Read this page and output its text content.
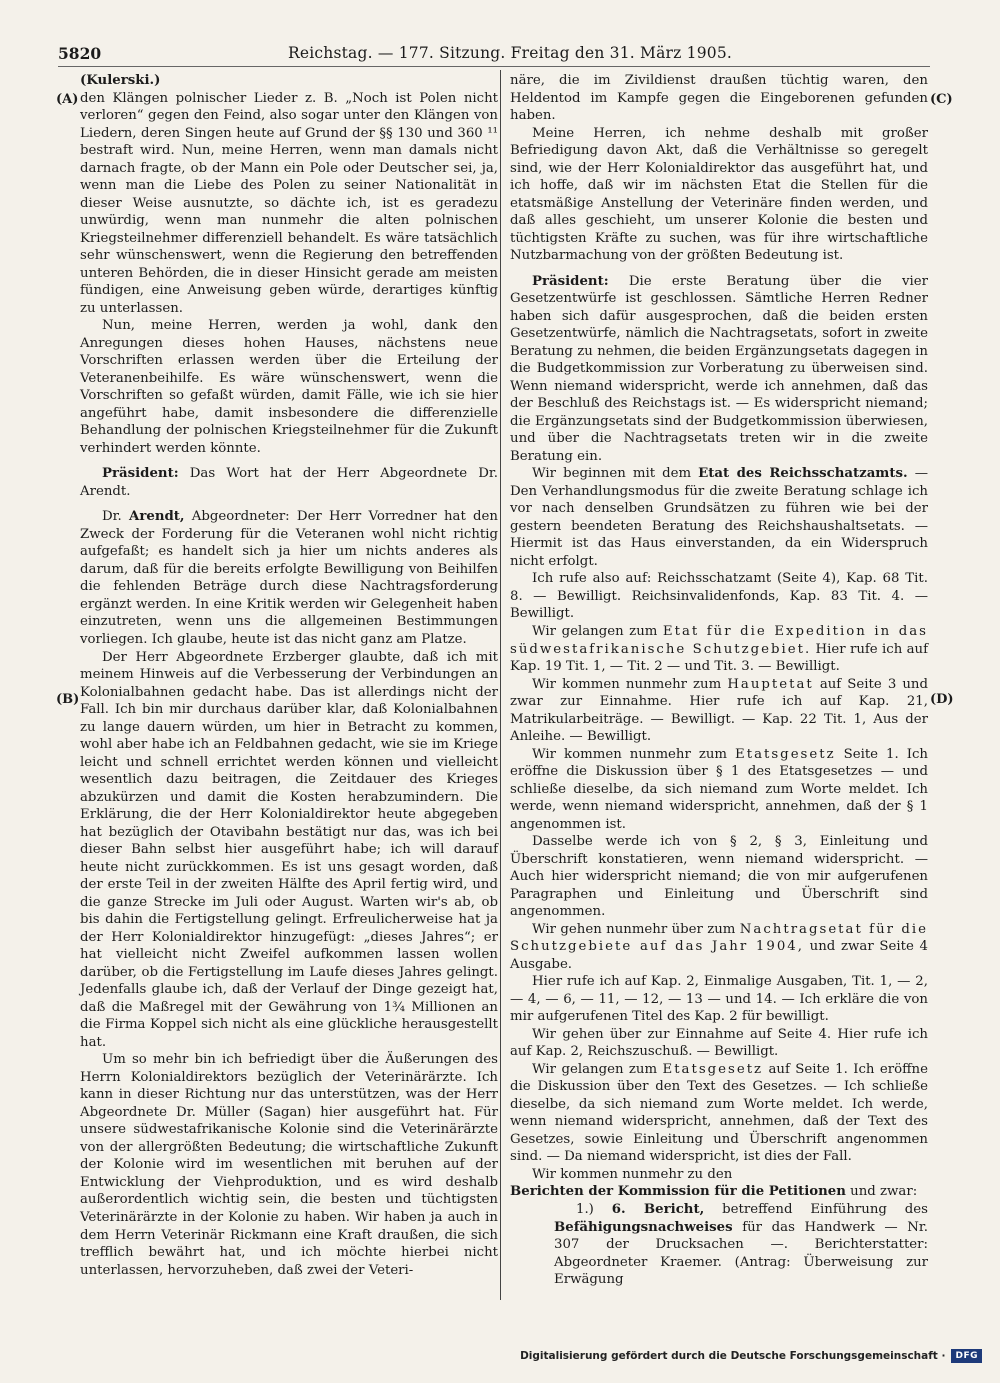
5820	Reichstag. — 177. Sitzung. Freitag den 31. März 1905.
(A)
(B)
(C)
(D)

(Kulerski.)

den Klängen polnischer Lieder z. B. „Noch ist Polen nicht verloren“ gegen den Feind, also sogar unter den Klängen von Liedern, deren Singen heute auf Grund der §§ 130 und 360 ¹¹ bestraft wird. Nun, meine Herren, wenn man damals nicht darnach fragte, ob der Mann ein Pole oder Deutscher sei, ja, wenn man die Liebe des Polen zu seiner Nationalität in dieser Weise ausnutzte, so dächte ich, ist es geradezu unwürdig, wenn man nunmehr die alten polnischen Kriegsteilnehmer differenziell behandelt. Es wäre tatsächlich sehr wünschenswert, wenn die Regierung den betreffenden unteren Behörden, die in dieser Hinsicht gerade am meisten fündigen, eine Anweisung geben würde, derartiges künftig zu unterlassen.

Nun, meine Herren, werden ja wohl, dank den Anregungen dieses hohen Hauses, nächstens neue Vorschriften erlassen werden über die Erteilung der Veteranenbeihilfe. Es wäre wünschenswert, wenn die Vorschriften so gefaßt würden, damit Fälle, wie ich sie hier angeführt habe, damit insbesondere die differenzielle Behandlung der polnischen Kriegsteilnehmer für die Zukunft verhindert werden könnte.

Präsident: Das Wort hat der Herr Abgeordnete Dr. Arendt.

Dr. Arendt, Abgeordneter: Der Herr Vorredner hat den Zweck der Forderung für die Veteranen wohl nicht richtig aufgefaßt; es handelt sich ja hier um nichts anderes als darum, daß für die bereits erfolgte Bewilligung von Beihilfen die fehlenden Beträge durch diese Nachtragsforderung ergänzt werden. In eine Kritik werden wir Gelegenheit haben einzutreten, wenn uns die allgemeinen Bestimmungen vorliegen. Ich glaube, heute ist das nicht ganz am Platze.

Der Herr Abgeordnete Erzberger glaubte, daß ich mit meinem Hinweis auf die Verbesserung der Verbindungen an Kolonialbahnen gedacht habe. Das ist allerdings nicht der Fall. Ich bin mir durchaus darüber klar, daß Kolonialbahnen zu lange dauern würden, um hier in Betracht zu kommen, wohl aber habe ich an Feldbahnen gedacht, wie sie im Kriege leicht und schnell errichtet werden können und vielleicht wesentlich dazu beitragen, die Zeitdauer des Krieges abzukürzen und damit die Kosten herabzumindern. Die Erklärung, die der Herr Kolonialdirektor heute abgegeben hat bezüglich der Otavibahn bestätigt nur das, was ich bei dieser Bahn selbst hier ausgeführt habe; ich will darauf heute nicht zurückkommen. Es ist uns gesagt worden, daß der erste Teil in der zweiten Hälfte des April fertig wird, und die ganze Strecke im Juli oder August. Warten wir's ab, ob bis dahin die Fertigstellung gelingt. Erfreulicherweise hat ja der Herr Kolonialdirektor hinzugefügt: „dieses Jahres“; er hat vielleicht nicht Zweifel aufkommen lassen wollen darüber, ob die Fertigstellung im Laufe dieses Jahres gelingt. Jedenfalls glaube ich, daß der Verlauf der Dinge gezeigt hat, daß die Maßregel mit der Gewährung von 1¾ Millionen an die Firma Koppel sich nicht als eine glückliche herausgestellt hat.

Um so mehr bin ich befriedigt über die Äußerungen des Herrn Kolonialdirektors bezüglich der Veterinärärzte. Ich kann in dieser Richtung nur das unterstützen, was der Herr Abgeordnete Dr. Müller (Sagan) hier ausgeführt hat. Für unsere südwestafrikanische Kolonie sind die Veterinärärzte von der allergrößten Bedeutung; die wirtschaftliche Zukunft der Kolonie wird im wesentlichen mit beruhen auf der Entwicklung der Viehproduktion, und es wird deshalb außerordentlich wichtig sein, die besten und tüchtigsten Veterinärärzte in der Kolonie zu haben. Wir haben ja auch in dem Herrn Veterinär Rickmann eine Kraft draußen, die sich trefflich bewährt hat, und ich möchte hierbei nicht unterlassen, hervorzuheben, daß zwei der Veteri-

näre, die im Zivildienst draußen tüchtig waren, den Heldentod im Kampfe gegen die Eingeborenen gefunden haben.

Meine Herren, ich nehme deshalb mit großer Befriedigung davon Akt, daß die Verhältnisse so geregelt sind, wie der Herr Kolonialdirektor das ausgeführt hat, und ich hoffe, daß wir im nächsten Etat die Stellen für die etatsmäßige Anstellung der Veterinäre finden werden, und daß alles geschieht, um unserer Kolonie die besten und tüchtigsten Kräfte zu suchen, was für ihre wirtschaftliche Nutzbarmachung von der größten Bedeutung ist.

Präsident: Die erste Beratung über die vier Gesetzentwürfe ist geschlossen. Sämtliche Herren Redner haben sich dafür ausgesprochen, daß die beiden ersten Gesetzentwürfe, nämlich die Nachtragsetats, sofort in zweite Beratung zu nehmen, die beiden Ergänzungsetats dagegen in die Budgetkommission zur Vorberatung zu überweisen sind. Wenn niemand widerspricht, werde ich annehmen, daß das der Beschluß des Reichstags ist. — Es widerspricht niemand; die Ergänzungsetats sind der Budgetkommission überwiesen, und über die Nachtragsetats treten wir in die zweite Beratung ein.

Wir beginnen mit dem Etat des Reichsschatzamts. — Den Verhandlungsmodus für die zweite Beratung schlage ich vor nach denselben Grundsätzen zu führen wie bei der gestern beendeten Beratung des Reichshaushaltsetats. — Hiermit ist das Haus einverstanden, da ein Widerspruch nicht erfolgt.

Ich rufe also auf: Reichsschatzamt (Seite 4), Kap. 68 Tit. 8. — Bewilligt. Reichsinvalidenfonds, Kap. 83 Tit. 4. — Bewilligt.

Wir gelangen zum Etat für die Expedition in das südwestafrikanische Schutzgebiet. Hier rufe ich auf Kap. 19 Tit. 1, — Tit. 2 — und Tit. 3. — Bewilligt.

Wir kommen nunmehr zum Hauptetat auf Seite 3 und zwar zur Einnahme. Hier rufe ich auf Kap. 21, Matrikularbeiträge. — Bewilligt. — Kap. 22 Tit. 1, Aus der Anleihe. — Bewilligt.

Wir kommen nunmehr zum Etatsgesetz Seite 1. Ich eröffne die Diskussion über § 1 des Etatsgesetzes — und schließe dieselbe, da sich niemand zum Worte meldet. Ich werde, wenn niemand widerspricht, annehmen, daß der § 1 angenommen ist.

Dasselbe werde ich von § 2, § 3, Einleitung und Überschrift konstatieren, wenn niemand widerspricht. — Auch hier widerspricht niemand; die von mir aufgerufenen Paragraphen und Einleitung und Überschrift sind angenommen.

Wir gehen nunmehr über zum Nachtragsetat für die Schutzgebiete auf das Jahr 1904, und zwar Seite 4 Ausgabe.

Hier rufe ich auf Kap. 2, Einmalige Ausgaben, Tit. 1, — 2, — 4, — 6, — 11, — 12, — 13 — und 14. — Ich erkläre die von mir aufgerufenen Titel des Kap. 2 für bewilligt.

Wir gehen über zur Einnahme auf Seite 4. Hier rufe ich auf Kap. 2, Reichszuschuß. — Bewilligt.

Wir gelangen zum Etatsgesetz auf Seite 1. Ich eröffne die Diskussion über den Text des Gesetzes. — Ich schließe dieselbe, da sich niemand zum Worte meldet. Ich werde, wenn niemand widerspricht, annehmen, daß der Text des Gesetzes, sowie Einleitung und Überschrift angenommen sind. — Da niemand widerspricht, ist dies der Fall.

Wir kommen nunmehr zu den

Berichten der Kommission für die Petitionen und zwar:

1.) 6. Bericht, betreffend Einführung des Befähigungsnachweises für das Handwerk — Nr. 307 der Drucksachen —. Berichterstatter: Abgeordneter Kraemer. (Antrag: Überweisung zur Erwägung

Digitalisierung gefördert durch die Deutsche Forschungsgemeinschaft ·	DFG
